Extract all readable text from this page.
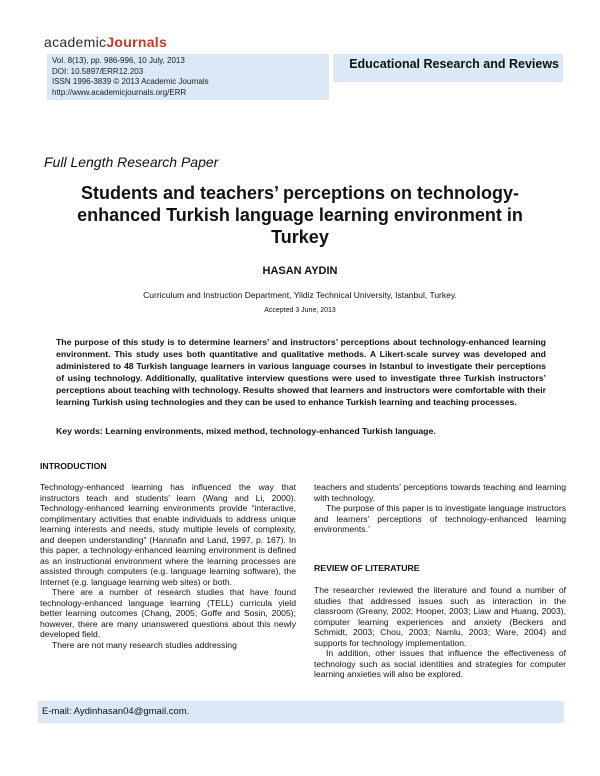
academicJournals
Vol. 8(13), pp. 986-996, 10 July, 2013
DOI: 10.5897/ERR12.203
ISSN 1996-3839 © 2013 Academic Journals
http://www.academicjournals.org/ERR
Educational Research and Reviews
Full Length Research Paper
Students and teachers’ perceptions on technology-
enhanced Turkish language learning environment in
Turkey
HASAN AYDIN
Curriculum and Instruction Department, Yildiz Technical University, Istanbul, Turkey.
Accepted 3 June, 2013
The purpose of this study is to determine learners’ and instructors’ perceptions about technology-enhanced learning environment. This study uses both quantitative and qualitative methods. A Likert-scale survey was developed and administered to 48 Turkish language learners in various language courses in Istanbul to investigate their perceptions of using technology. Additionally, qualitative interview questions were used to investigate three Turkish instructors’ perceptions about teaching with technology. Results showed that learners and instructors were comfortable with their learning Turkish using technologies and they can be used to enhance Turkish learning and teaching processes.
Key words: Learning environments, mixed method, technology-enhanced Turkish language.
INTRODUCTION

Technology-enhanced learning has influenced the way that instructors teach and students’ learn (Wang and Li, 2000). Technology-enhanced learning environments provide “interactive, complimentary activities that enable individuals to address unique learning interests and needs, study multiple levels of complexity, and deepen understanding” (Hannafin and Land, 1997, p. 167). In this paper, a technology-enhanced learning environment is defined as an instructional environment where the learning processes are assisted through computers (e.g. language learning software), the Internet (e.g. language learning web sites) or both.

There are a number of research studies that have found technology-enhanced language learning (TELL) curricula yield better learning outcomes (Chang, 2005; Goffe and Sosin, 2005); however, there are many unanswered questions about this newly developed field.

There are not many research studies addressing

teachers and students’ perceptions towards teaching and learning with technology.

The purpose of this paper is to investigate language instructors and learners’ perceptions of technology-enhanced learning environments.’

REVIEW OF LITERATURE

The researcher reviewed the literature and found a number of studies that addressed issues such as interaction in the classroom (Greany, 2002; Hooper, 2003; Liaw and Huang, 2003), computer learning experiences and anxiety (Beckers and Schmidt, 2003; Chou, 2003; Namlu, 2003; Ware, 2004) and supports for technology implementation.

In addition, other issues that influence the effectiveness of technology such as social identities and strategies for computer learning anxieties will also be explored.

E-mail: Aydinhasan04@gmail.com.
